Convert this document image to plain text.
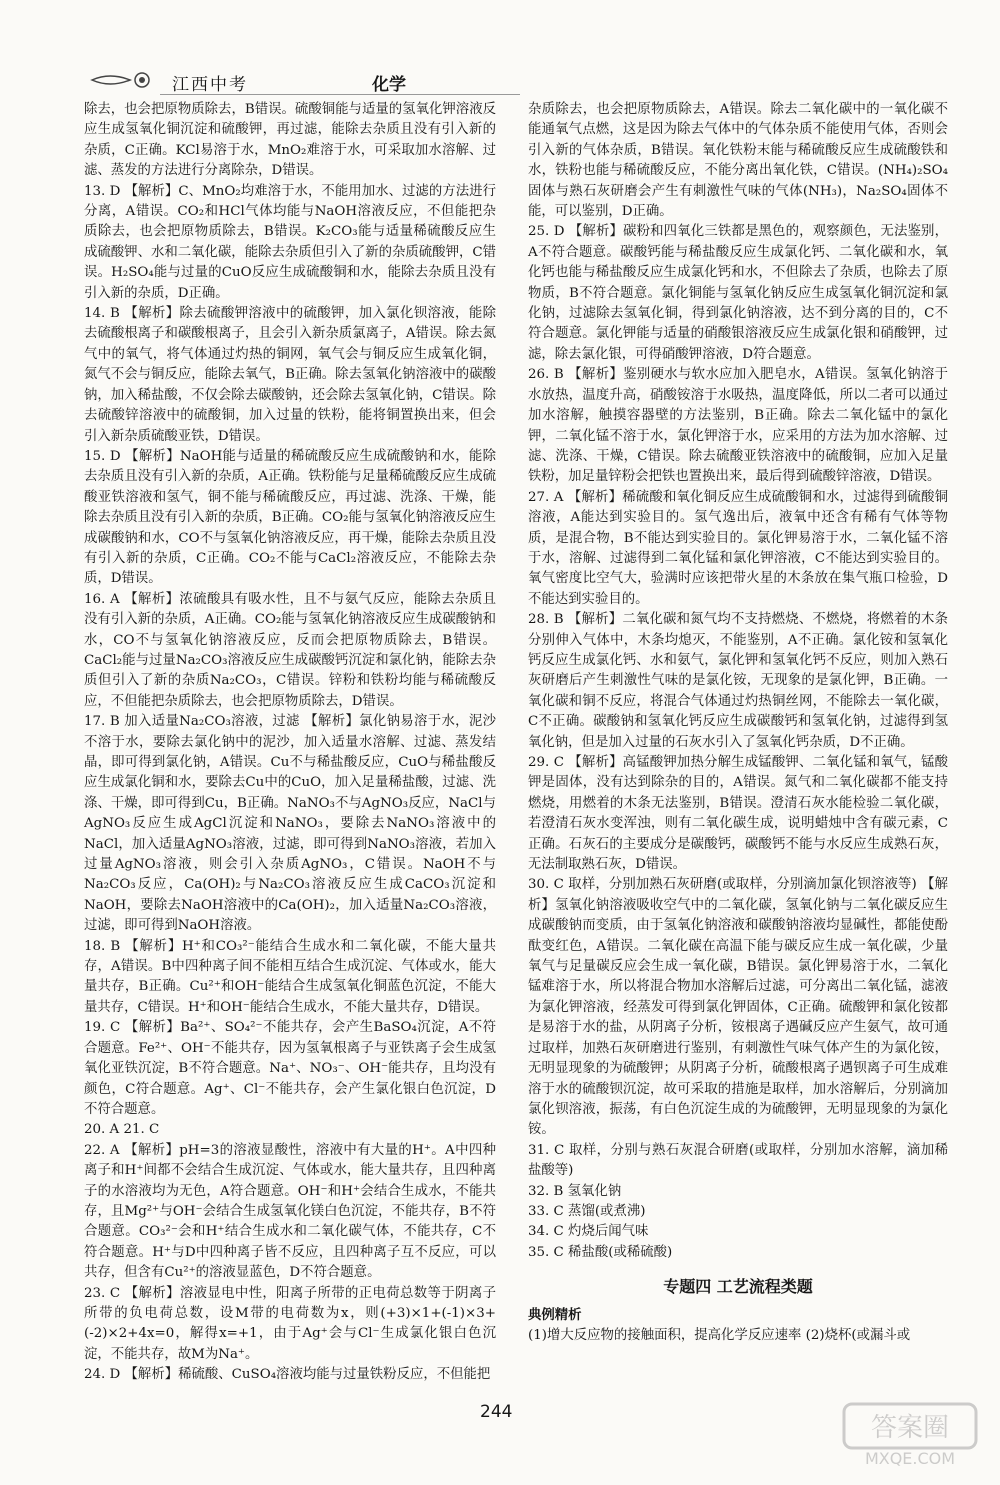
江西中考	化学

除去，也会把原物质除去，B错误。硫酸铜能与适量的氢氧化钾溶液反应生成氢氧化铜沉淀和硫酸钾，再过滤，能除去杂质且没有引入新的杂质，C正确。KCl易溶于水，MnO₂难溶于水，可采取加水溶解、过滤、蒸发的方法进行分离除杂，D错误。

13. D 【解析】C、MnO₂均难溶于水，不能用加水、过滤的方法进行分离，A错误。CO₂和HCl气体均能与NaOH溶液反应，不但能把杂质除去，也会把原物质除去，B错误。K₂CO₃能与适量稀硫酸反应生成硫酸钾、水和二氧化碳，能除去杂质但引入了新的杂质硫酸钾，C错误。H₂SO₄能与过量的CuO反应生成硫酸铜和水，能除去杂质且没有引入新的杂质，D正确。

14. B 【解析】除去硫酸钾溶液中的硫酸钾，加入氯化钡溶液，能除去硫酸根离子和碳酸根离子，且会引入新杂质氯离子，A错误。除去氮气中的氧气，将气体通过灼热的铜网，氧气会与铜反应生成氧化铜，氮气不会与铜反应，能除去氧气，B正确。除去氢氧化钠溶液中的碳酸钠，加入稀盐酸，不仅会除去碳酸钠，还会除去氢氧化钠，C错误。除去硫酸锌溶液中的硫酸铜，加入过量的铁粉，能将铜置换出来，但会引入新杂质硫酸亚铁，D错误。

15. D 【解析】NaOH能与适量的稀硫酸反应生成硫酸钠和水，能除去杂质且没有引入新的杂质，A正确。铁粉能与足量稀硫酸反应生成硫酸亚铁溶液和氢气，铜不能与稀硫酸反应，再过滤、洗涤、干燥，能除去杂质且没有引入新的杂质，B正确。CO₂能与氢氧化钠溶液反应生成碳酸钠和水，CO不与氢氧化钠溶液反应，再干燥，能除去杂质且没有引入新的杂质，C正确。CO₂不能与CaCl₂溶液反应，不能除去杂质，D错误。

16. A 【解析】浓硫酸具有吸水性，且不与氨气反应，能除去杂质且没有引入新的杂质，A正确。CO₂能与氢氧化钠溶液反应生成碳酸钠和水，CO不与氢氧化钠溶液反应，反而会把原物质除去，B错误。CaCl₂能与过量Na₂CO₃溶液反应生成碳酸钙沉淀和氯化钠，能除去杂质但引入了新的杂质Na₂CO₃，C错误。锌粉和铁粉均能与稀硫酸反应，不但能把杂质除去，也会把原物质除去，D错误。

17. B 加入适量Na₂CO₃溶液，过滤 【解析】氯化钠易溶于水，泥沙不溶于水，要除去氯化钠中的泥沙，加入适量水溶解、过滤、蒸发结晶，即可得到氯化钠，A错误。Cu不与稀盐酸反应，CuO与稀盐酸反应生成氯化铜和水，要除去Cu中的CuO，加入足量稀盐酸，过滤、洗涤、干燥，即可得到Cu，B正确。NaNO₃不与AgNO₃反应，NaCl与AgNO₃反应生成AgCl沉淀和NaNO₃，要除去NaNO₃溶液中的NaCl，加入适量AgNO₃溶液，过滤，即可得到NaNO₃溶液，若加入过量AgNO₃溶液，则会引入杂质AgNO₃，C错误。NaOH不与Na₂CO₃反应，Ca(OH)₂与Na₂CO₃溶液反应生成CaCO₃沉淀和NaOH，要除去NaOH溶液中的Ca(OH)₂，加入适量Na₂CO₃溶液，过滤，即可得到NaOH溶液。

18. B 【解析】H⁺和CO₃²⁻能结合生成水和二氧化碳，不能大量共存，A错误。B中四种离子间不能相互结合生成沉淀、气体或水，能大量共存，B正确。Cu²⁺和OH⁻能结合生成氢氧化铜蓝色沉淀，不能大量共存，C错误。H⁺和OH⁻能结合生成水，不能大量共存，D错误。

19. C 【解析】Ba²⁺、SO₄²⁻不能共存，会产生BaSO₄沉淀，A不符合题意。Fe²⁺、OH⁻不能共存，因为氢氧根离子与亚铁离子会生成氢氧化亚铁沉淀，B不符合题意。Na⁺、NO₃⁻、OH⁻能共存，且均没有颜色，C符合题意。Ag⁺、Cl⁻不能共存，会产生氯化银白色沉淀，D不符合题意。

20. A 21. C

22. A 【解析】pH=3的溶液显酸性，溶液中有大量的H⁺。A中四种离子和H⁺间都不会结合生成沉淀、气体或水，能大量共存，且四种离子的水溶液均为无色，A符合题意。OH⁻和H⁺会结合生成水，不能共存，且Mg²⁺与OH⁻会结合生成氢氧化镁白色沉淀，不能共存，B不符合题意。CO₃²⁻会和H⁺结合生成水和二氧化碳气体，不能共存，C不符合题意。H⁺与D中四种离子皆不反应，且四种离子互不反应，可以共存，但含有Cu²⁺的溶液显蓝色，D不符合题意。

23. C 【解析】溶液显电中性，阳离子所带的正电荷总数等于阴离子所带的负电荷总数，设M带的电荷数为x，则(+3)×1+(-1)×3+(-2)×2+4x=0，解得x=+1，由于Ag⁺会与Cl⁻生成氯化银白色沉淀，不能共存，故M为Na⁺。

24. D 【解析】稀硫酸、CuSO₄溶液均能与过量铁粉反应，不但能把

杂质除去，也会把原物质除去，A错误。除去二氧化碳中的一氧化碳不能通氧气点燃，这是因为除去气体中的气体杂质不能使用气体，否则会引入新的气体杂质，B错误。氧化铁粉末能与稀硫酸反应生成硫酸铁和水，铁粉也能与稀硫酸反应，不能分离出氧化铁，C错误。(NH₄)₂SO₄固体与熟石灰研磨会产生有刺激性气味的气体(NH₃)，Na₂SO₄固体不能，可以鉴别，D正确。

25. D 【解析】碳粉和四氧化三铁都是黑色的，观察颜色，无法鉴别，A不符合题意。碳酸钙能与稀盐酸反应生成氯化钙、二氧化碳和水，氧化钙也能与稀盐酸反应生成氯化钙和水，不但除去了杂质，也除去了原物质，B不符合题意。氯化铜能与氢氧化钠反应生成氢氧化铜沉淀和氯化钠，过滤除去氢氧化铜，得到氯化钠溶液，达不到分离的目的，C不符合题意。氯化钾能与适量的硝酸银溶液反应生成氯化银和硝酸钾，过滤，除去氯化银，可得硝酸钾溶液，D符合题意。

26. B 【解析】鉴别硬水与软水应加入肥皂水，A错误。氢氧化钠溶于水放热，温度升高，硝酸铵溶于水吸热，温度降低，所以二者可以通过加水溶解，触摸容器壁的方法鉴别，B正确。除去二氧化锰中的氯化钾，二氧化锰不溶于水，氯化钾溶于水，应采用的方法为加水溶解、过滤、洗涤、干燥，C错误。除去硫酸亚铁溶液中的硫酸铜，应加入足量铁粉，加足量锌粉会把铁也置换出来，最后得到硫酸锌溶液，D错误。

27. A 【解析】稀硫酸和氧化铜反应生成硫酸铜和水，过滤得到硫酸铜溶液，A能达到实验目的。氢气逸出后，液氧中还含有稀有气体等物质，是混合物，B不能达到实验目的。氯化钾易溶于水，二氧化锰不溶于水，溶解、过滤得到二氧化锰和氯化钾溶液，C不能达到实验目的。氧气密度比空气大，验满时应该把带火星的木条放在集气瓶口检验，D不能达到实验目的。

28. B 【解析】二氧化碳和氮气均不支持燃烧、不燃烧，将燃着的木条分别伸入气体中，木条均熄灭，不能鉴别，A不正确。氯化铵和氢氧化钙反应生成氯化钙、水和氨气，氯化钾和氢氧化钙不反应，则加入熟石灰研磨后产生刺激性气味的是氯化铵，无现象的是氯化钾，B正确。一氧化碳和铜不反应，将混合气体通过灼热铜丝网，不能除去一氧化碳，C不正确。碳酸钠和氢氧化钙反应生成碳酸钙和氢氧化钠，过滤得到氢氧化钠，但是加入过量的石灰水引入了氢氧化钙杂质，D不正确。

29. C 【解析】高锰酸钾加热分解生成锰酸钾、二氧化锰和氧气，锰酸钾是固体，没有达到除杂的目的，A错误。氮气和二氧化碳都不能支持燃烧，用燃着的木条无法鉴别，B错误。澄清石灰水能检验二氧化碳，若澄清石灰水变浑浊，则有二氧化碳生成，说明蜡烛中含有碳元素，C正确。石灰石的主要成分是碳酸钙，碳酸钙不能与水反应生成熟石灰，无法制取熟石灰，D错误。

30. C 取样，分别加熟石灰研磨(或取样，分别滴加氯化钡溶液等) 【解析】氢氧化钠溶液吸收空气中的二氧化碳，氢氧化钠与二氧化碳反应生成碳酸钠而变质，由于氢氧化钠溶液和碳酸钠溶液均显碱性，都能使酚酞变红色，A错误。二氧化碳在高温下能与碳反应生成一氧化碳，少量氧气与足量碳反应会生成一氧化碳，B错误。氯化钾易溶于水，二氧化锰难溶于水，所以将混合物加水溶解后过滤，可分离出二氧化锰，滤液为氯化钾溶液，经蒸发可得到氯化钾固体，C正确。硫酸钾和氯化铵都是易溶于水的盐，从阴离子分析，铵根离子遇碱反应产生氨气，故可通过取样，加熟石灰研磨进行鉴别，有刺激性气味气体产生的为氯化铵，无明显现象的为硫酸钾；从阴离子分析，硫酸根离子遇钡离子可生成难溶于水的硫酸钡沉淀，故可采取的措施是取样，加水溶解后，分别滴加氯化钡溶液，振荡，有白色沉淀生成的为硫酸钾，无明显现象的为氯化铵。

31. C 取样，分别与熟石灰混合研磨(或取样，分别加水溶解，滴加稀盐酸等)

32. B 氢氧化钠

33. C 蒸馏(或煮沸)

34. C 灼烧后闻气味

35. C 稀盐酸(或稀硫酸)

专题四 工艺流程类题
典例精析

(1)增大反应物的接触面积，提高化学反应速率 (2)烧杯(或漏斗或

244
答案圈
MXQE.COM
